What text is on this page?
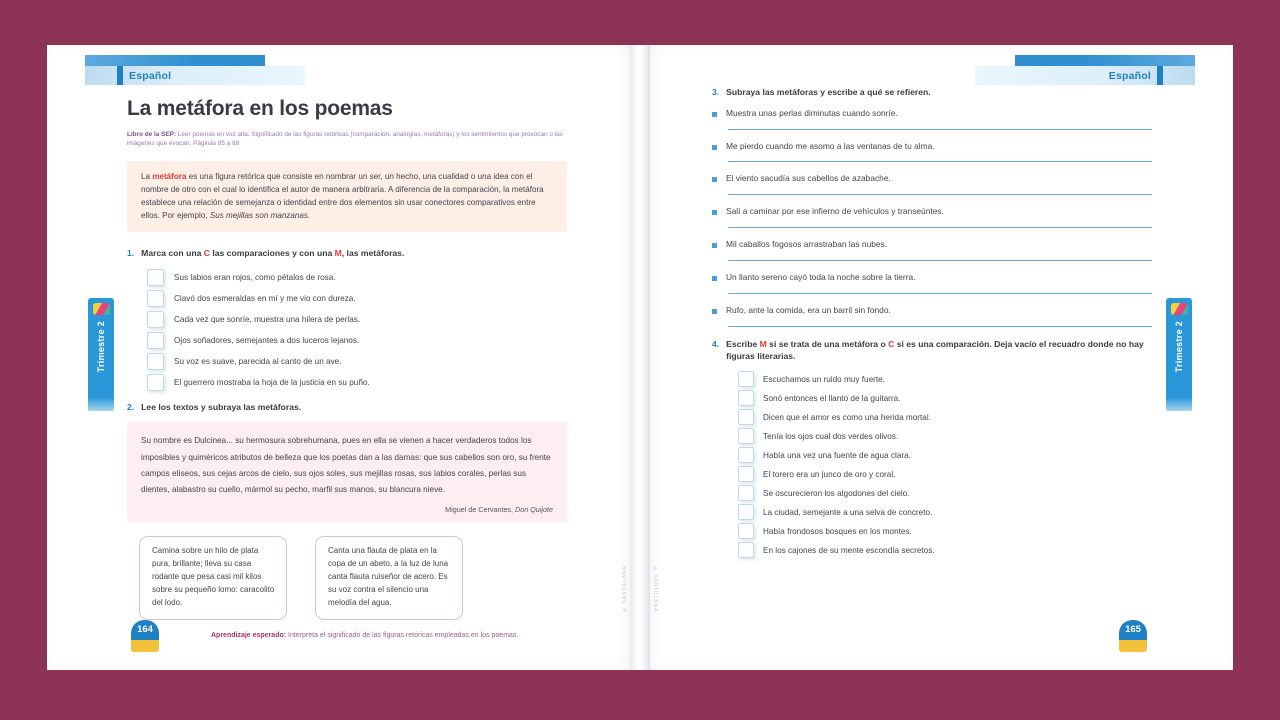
Español
La metáfora en los poemas
Libro de la SEP: Leer poemas en voz alta. Significado de las figuras retóricas (comparación, analogías, metáforas) y los sentimientos que provocan o las imágenes que evocan. Páginas 85 a 88
La metáfora es una figura retórica que consiste en nombrar un ser, un hecho, una cualidad o una idea con el nombre de otro con el cual lo identifica el autor de manera arbitraria. A diferencia de la comparación, la metáfora establece una relación de semejanza o identidad entre dos elementos sin usar conectores comparativos entre ellos. Por ejemplo, Sus mejillas son manzanas.
1. Marca con una C las comparaciones y con una M, las metáforas.
Sus labios eran rojos, como pétalos de rosa.
Clavó dos esmeraldas en mí y me vio con dureza.
Cada vez que sonríe, muestra una hilera de perlas.
Ojos soñadores, semejantes a dos luceros lejanos.
Su voz es suave, parecida al canto de un ave.
El guerrero mostraba la hoja de la justicia en su puño.
2. Lee los textos y subraya las metáforas.

Su nombre es Dulcinea... su hermosura sobrehumana, pues en ella se vienen a hacer verdaderos todos los imposibles y quiméricos atributos de belleza que los poetas dan a las damas: que sus cabellos son oro, su frente campos elíseos, sus cejas arcos de cielo, sus ojos soles, sus mejillas rosas, sus labios corales, perlas sus dientes, alabastro su cuello, mármol su pecho, marfil sus manos, su blancura nieve.

Miguel de Cervantes, Don Quijote
Camina sobre un hilo de plata pura, brillante; lleva su casa rodante que pesa casi mil kilos sobre su pequeño lomo: caracolito del lodo.
Canta una flauta de plata en la copa de un abeto, a la luz de luna canta flauta ruiseñor de acero. Es su voz contra el silencio una melodía del agua.
164
Aprendizaje esperado: Interpreta el significado de las figuras retóricas empleadas en los poemas.
Trimestre 2
© SANTILLANA
Español
3. Subraya las metáforas y escribe a qué se refieren.
Muestra unas perlas diminutas cuando sonríe.
Me pierdo cuando me asomo a las ventanas de tu alma.
El viento sacudía sus cabellos de azabache.
Salí a caminar por ese infierno de vehículos y transeúntes.
Mil caballos fogosos arrastraban las nubes.
Un llanto sereno cayó toda la noche sobre la tierra.
Rufo, ante la comida, era un barril sin fondo.
4. Escribe M si se trata de una metáfora o C si es una comparación. Deja vacío el recuadro donde no hay figuras literarias.
Escuchamos un ruido muy fuerte.
Sonó entonces el llanto de la guitarra.
Dicen que el amor es como una herida mortal.
Tenía los ojos cual dos verdes olivos.
Había una vez una fuente de agua clara.
El torero era un junco de oro y coral.
Se oscurecieron los algodones del cielo.
La ciudad, semejante a una selva de concreto.
Había frondosos bosques en los montes.
En los cajones de su mente escondía secretos.
165
Trimestre 2
© SANTILLANA
